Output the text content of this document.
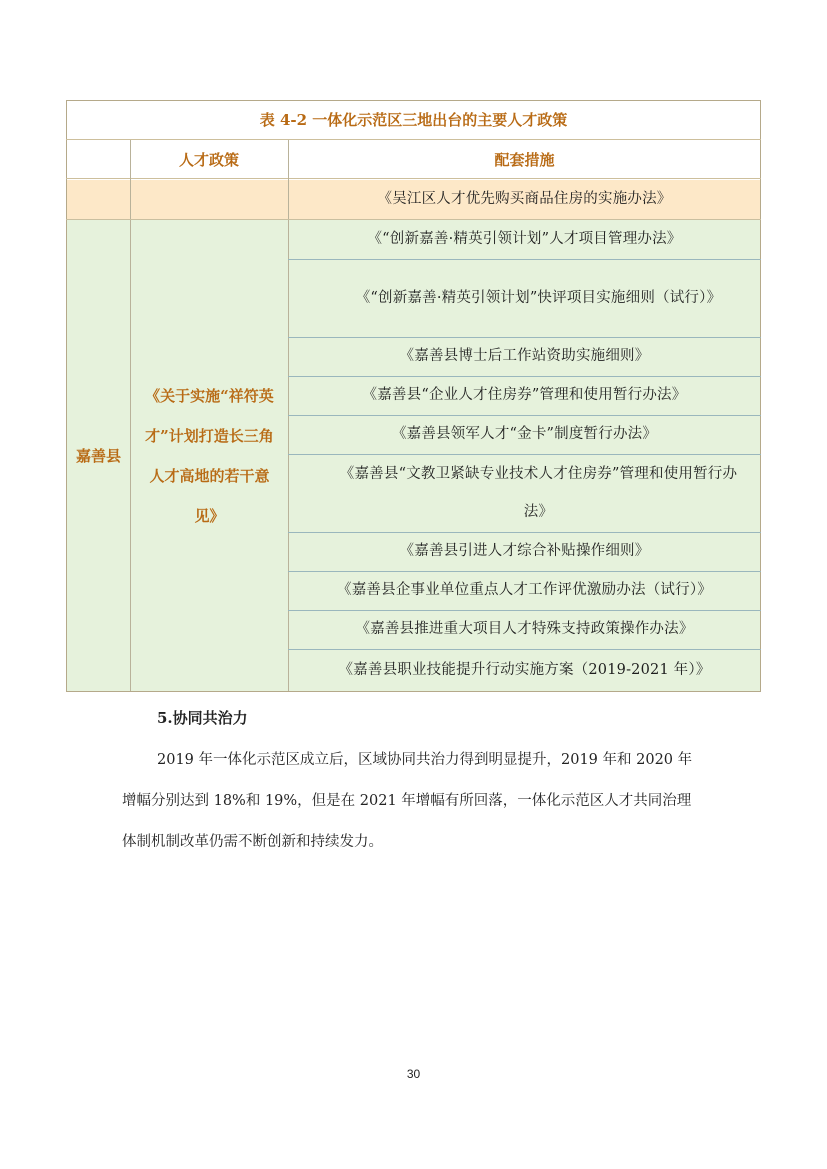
表 4-2 一体化示范区三地出台的主要人才政策
人才政策	配套措施
《吴江区人才优先购买商品住房的实施办法》
嘉善县
《关于实施“祥符英才”计划打造长三角人才高地的若干意见》
《“创新嘉善·精英引领计划”人才项目管理办法》
《“创新嘉善·精英引领计划”快评项目实施细则（试行）》
《嘉善县博士后工作站资助实施细则》
《嘉善县“企业人才住房券”管理和使用暂行办法》
《嘉善县领军人才“金卡”制度暂行办法》
《嘉善县“文教卫紧缺专业技术人才住房券”管理和使用暂行办法》
《嘉善县引进人才综合补贴操作细则》
《嘉善县企事业单位重点人才工作评优激励办法（试行）》
《嘉善县推进重大项目人才特殊支持政策操作办法》
《嘉善县职业技能提升行动实施方案（2019-2021 年）》
5.协同共治力
2019 年一体化示范区成立后，区域协同共治力得到明显提升，2019 年和 2020 年增幅分别达到 18%和 19%，但是在 2021 年增幅有所回落，一体化示范区人才共同治理体制机制改革仍需不断创新和持续发力。
30
